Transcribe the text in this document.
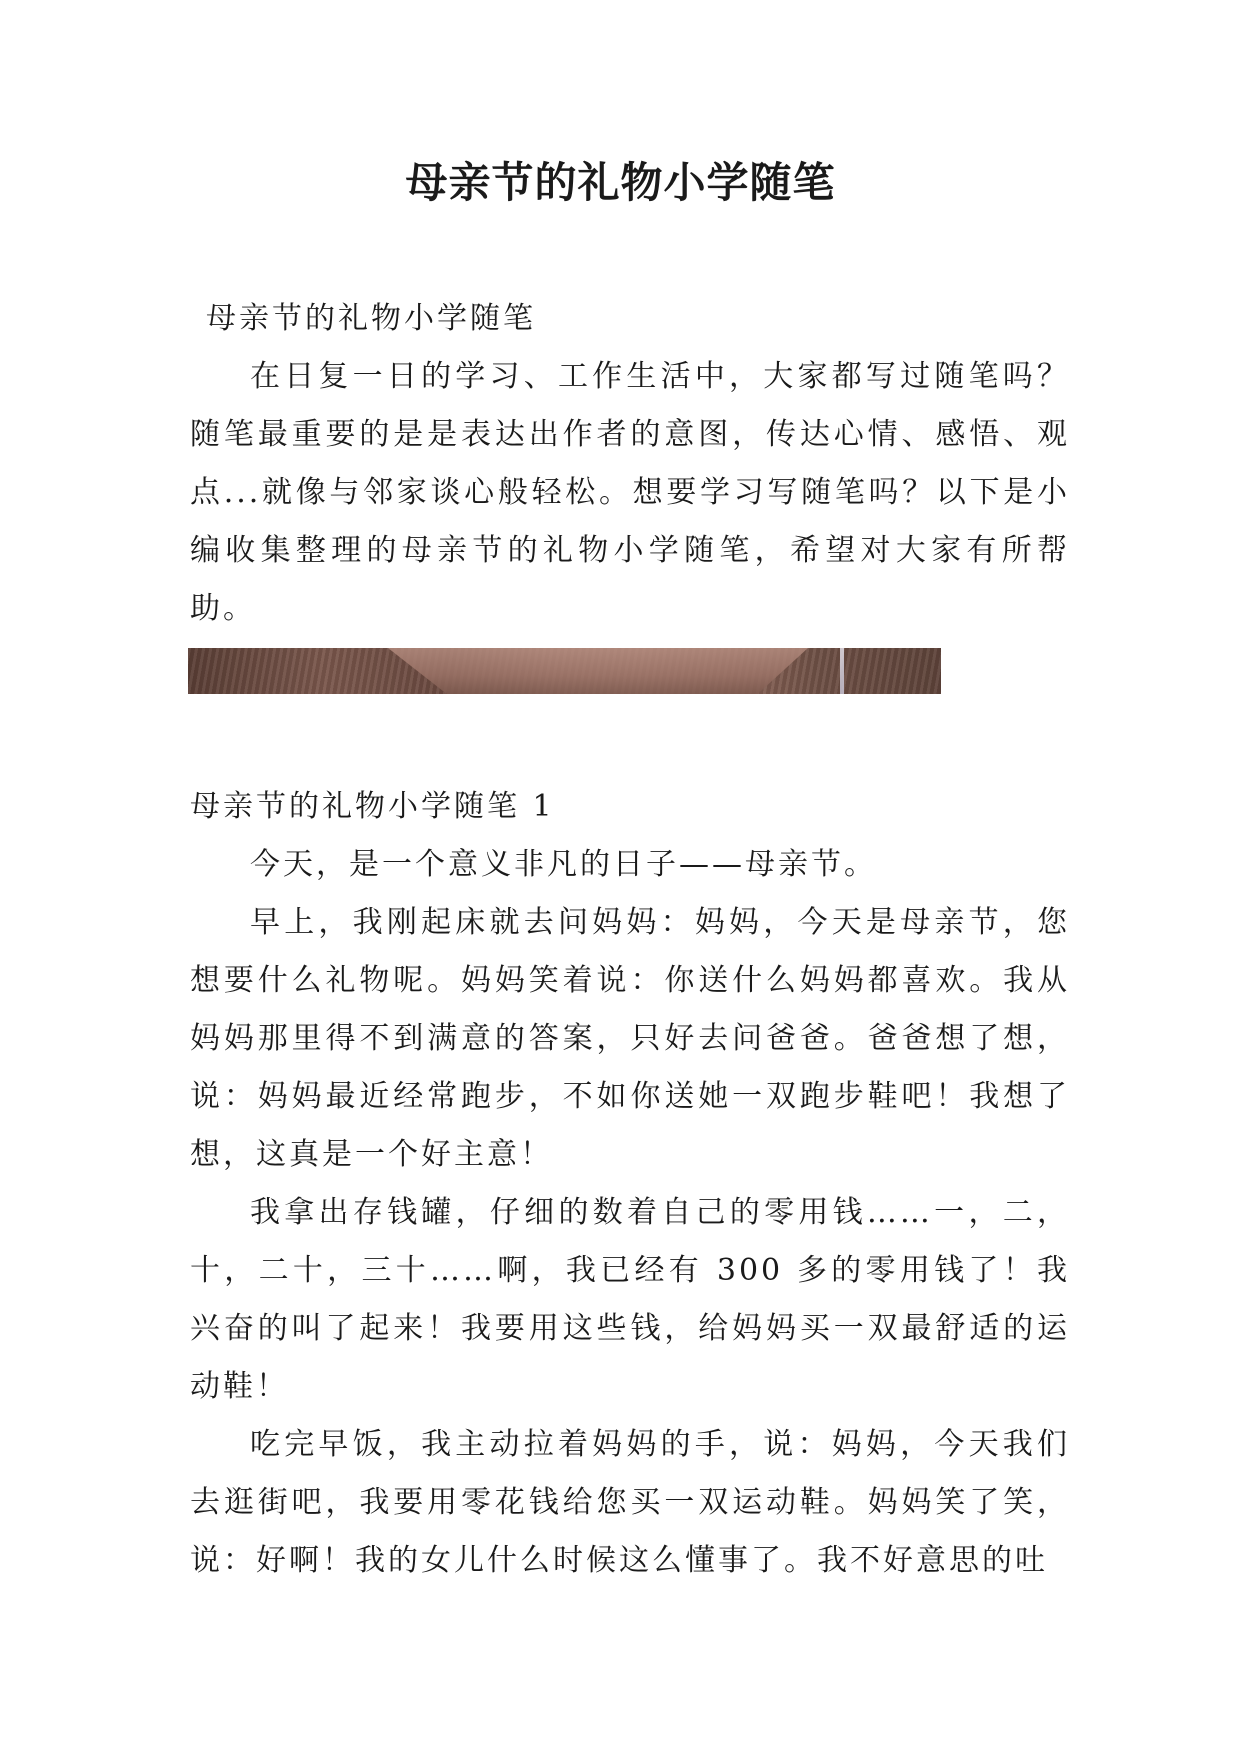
母亲节的礼物小学随笔

母亲节的礼物小学随笔

在日复一日的学习、工作生活中，大家都写过随笔吗？随笔最重要的是是表达出作者的意图，传达心情、感悟、观点...就像与邻家谈心般轻松。想要学习写随笔吗？以下是小编收集整理的母亲节的礼物小学随笔，希望对大家有所帮助。

母亲节的礼物小学随笔 1

今天，是一个意义非凡的日子——母亲节。

早上，我刚起床就去问妈妈：妈妈，今天是母亲节，您想要什么礼物呢。妈妈笑着说：你送什么妈妈都喜欢。我从妈妈那里得不到满意的答案，只好去问爸爸。爸爸想了想，说：妈妈最近经常跑步，不如你送她一双跑步鞋吧！我想了想，这真是一个好主意！

我拿出存钱罐，仔细的数着自己的零用钱……一，二，十，二十，三十……啊，我已经有 300 多的零用钱了！我兴奋的叫了起来！我要用这些钱，给妈妈买一双最舒适的运动鞋！

吃完早饭，我主动拉着妈妈的手，说：妈妈，今天我们去逛街吧，我要用零花钱给您买一双运动鞋。妈妈笑了笑，说：好啊！我的女儿什么时候这么懂事了。我不好意思的吐
